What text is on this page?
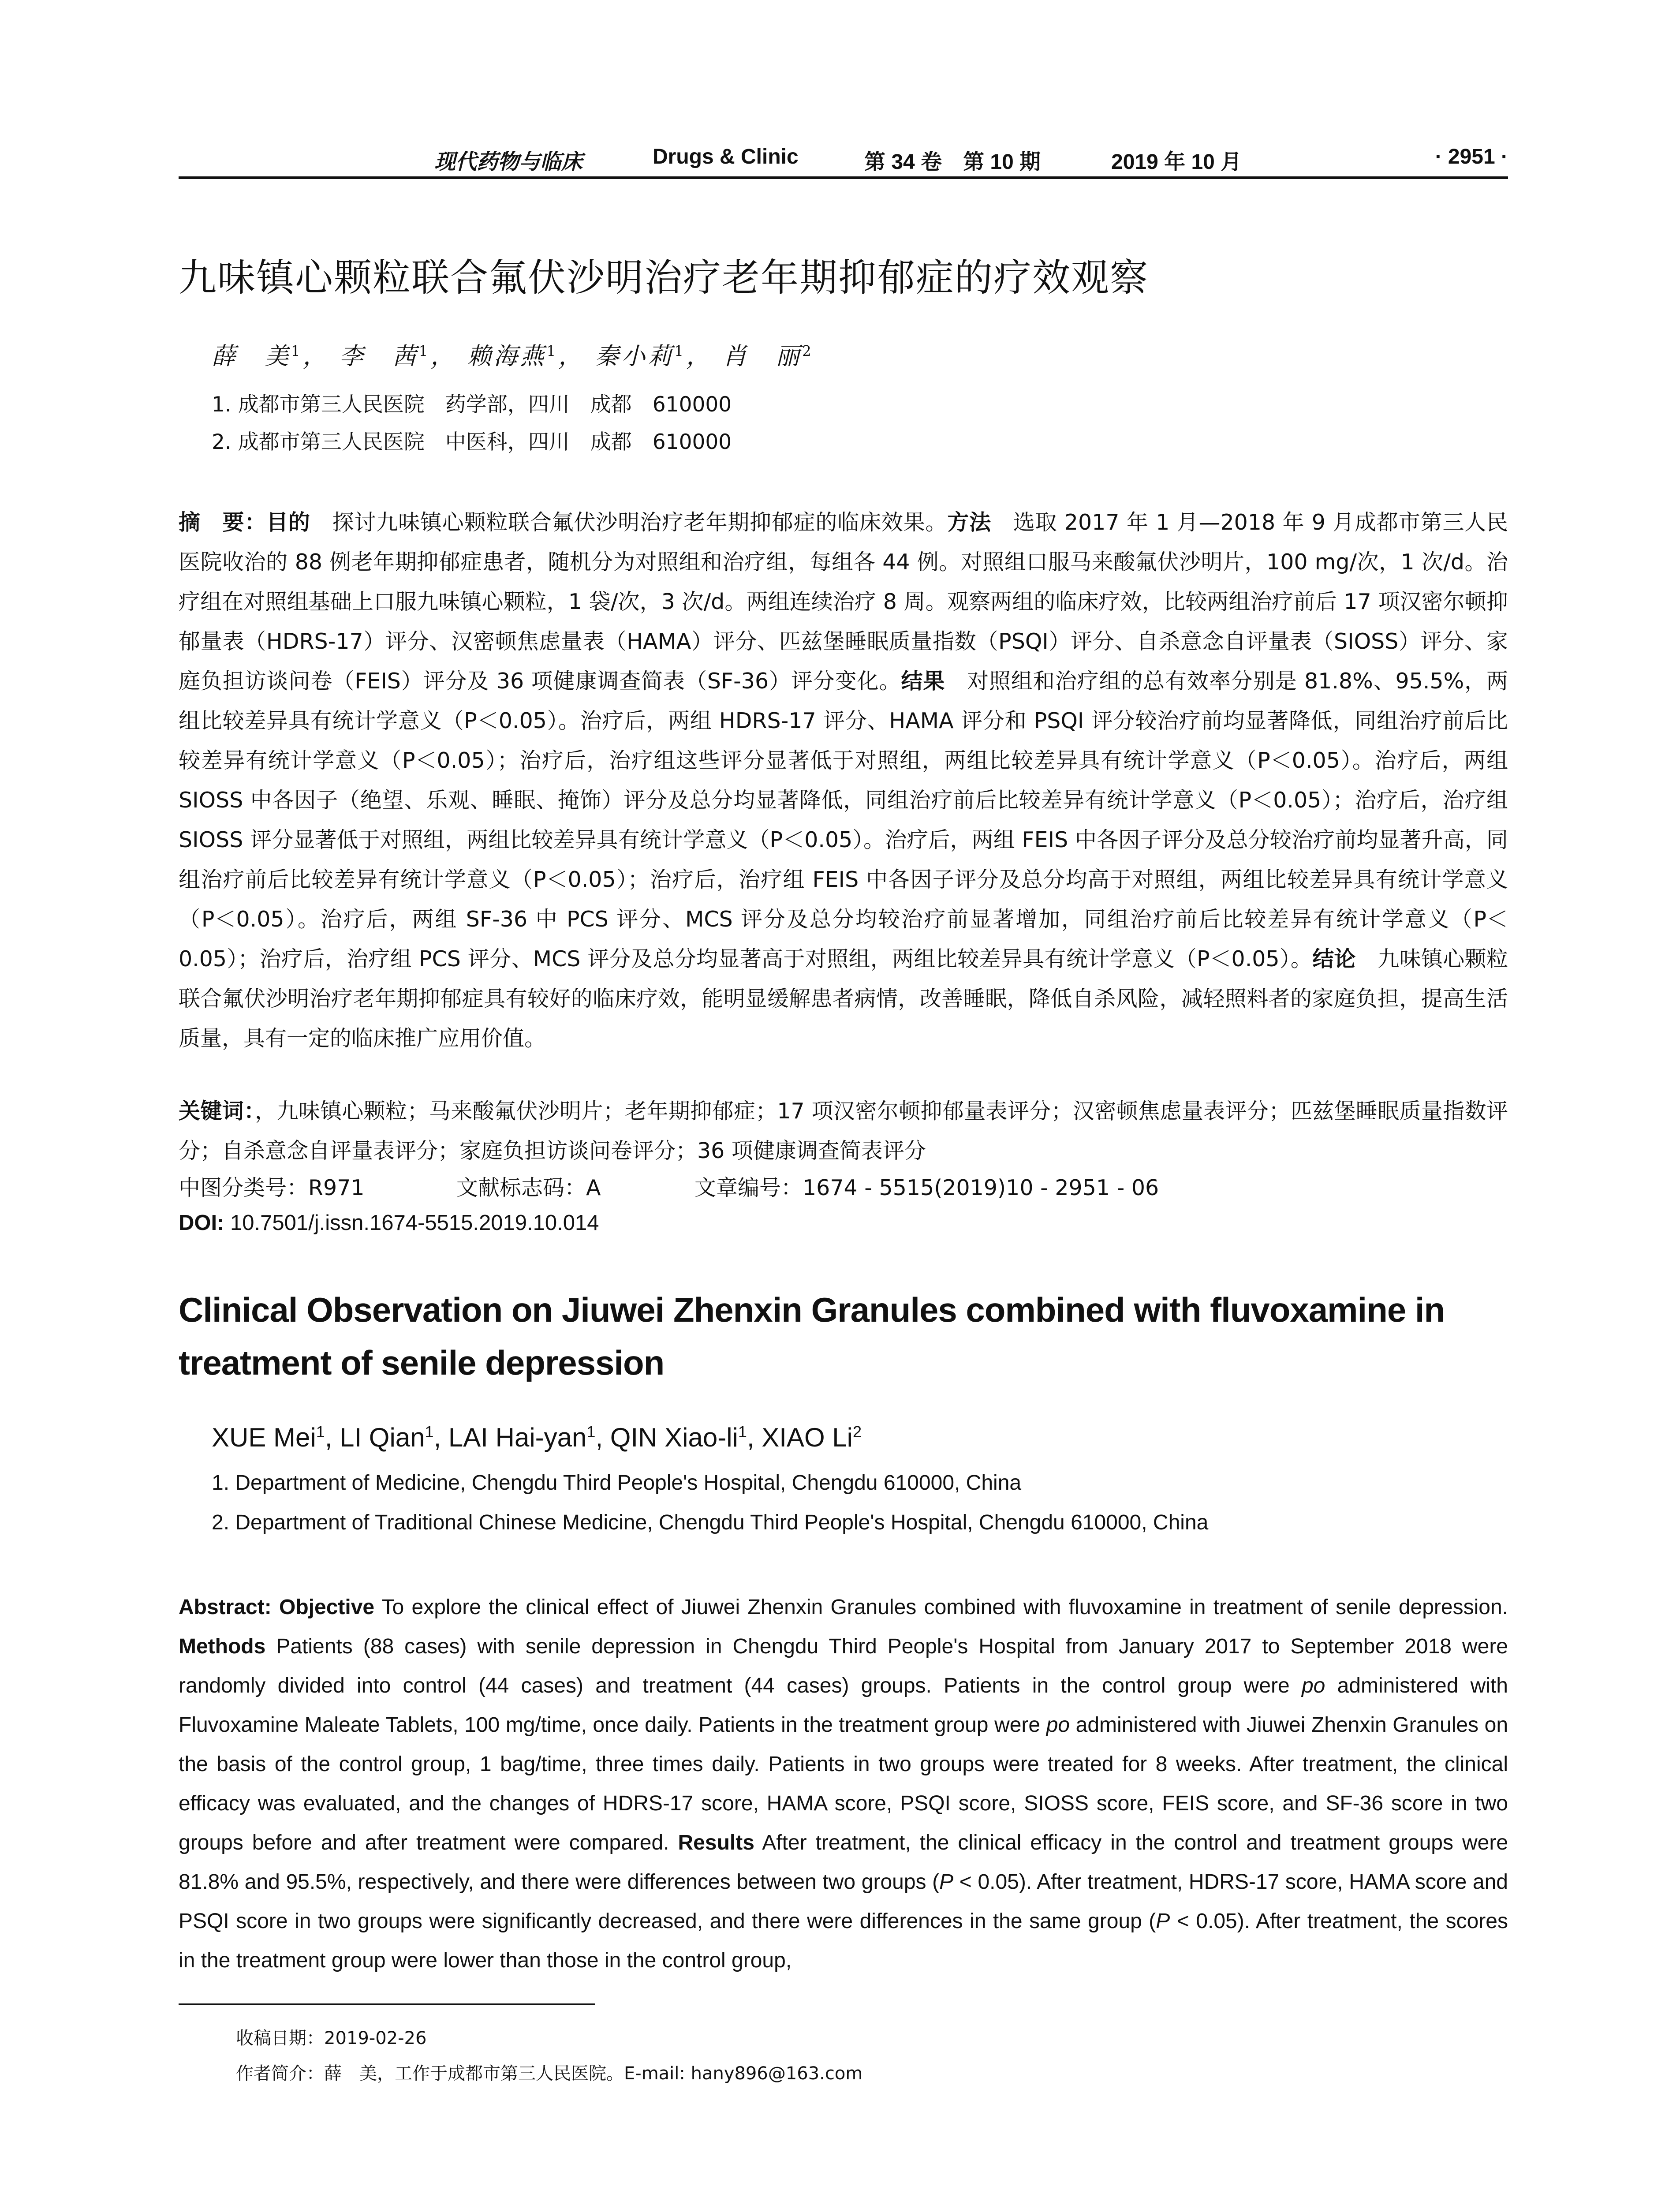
现代药物与临床	Drugs & Clinic	第 34 卷　第 10 期	2019 年 10 月	· 2951 ·
九味镇心颗粒联合氟伏沙明治疗老年期抑郁症的疗效观察
薛　美$^1$， 李　茜$^1$， 赖海燕$^1$， 秦小莉$^1$， 肖　丽$^2$
1. 成都市第三人民医院　药学部，四川　成都　610000
2. 成都市第三人民医院　中医科，四川　成都　610000
摘　要：目的　探讨九味镇心颗粒联合氟伏沙明治疗老年期抑郁症的临床效果。方法　选取 2017 年 1 月—2018 年 9 月成都市第三人民医院收治的 88 例老年期抑郁症患者，随机分为对照组和治疗组，每组各 44 例。对照组口服马来酸氟伏沙明片，100 mg/次，1 次/d。治疗组在对照组基础上口服九味镇心颗粒，1 袋/次，3 次/d。两组连续治疗 8 周。观察两组的临床疗效，比较两组治疗前后 17 项汉密尔顿抑郁量表（HDRS-17）评分、汉密顿焦虑量表（HAMA）评分、匹兹堡睡眠质量指数（PSQI）评分、自杀意念自评量表（SIOSS）评分、家庭负担访谈问卷（FEIS）评分及 36 项健康调查简表（SF-36）评分变化。结果　对照组和治疗组的总有效率分别是 81.8%、95.5%，两组比较差异具有统计学意义（P＜0.05）。治疗后，两组 HDRS-17 评分、HAMA 评分和 PSQI 评分较治疗前均显著降低，同组治疗前后比较差异有统计学意义（P＜0.05）；治疗后，治疗组这些评分显著低于对照组，两组比较差异具有统计学意义（P＜0.05）。治疗后，两组 SIOSS 中各因子（绝望、乐观、睡眠、掩饰）评分及总分均显著降低，同组治疗前后比较差异有统计学意义（P＜0.05）；治疗后，治疗组 SIOSS 评分显著低于对照组，两组比较差异具有统计学意义（P＜0.05）。治疗后，两组 FEIS 中各因子评分及总分较治疗前均显著升高，同组治疗前后比较差异有统计学意义（P＜0.05）；治疗后，治疗组 FEIS 中各因子评分及总分均高于对照组，两组比较差异具有统计学意义（P＜0.05）。治疗后，两组 SF-36 中 PCS 评分、MCS 评分及总分均较治疗前显著增加，同组治疗前后比较差异有统计学意义（P＜0.05）；治疗后，治疗组 PCS 评分、MCS 评分及总分均显著高于对照组，两组比较差异具有统计学意义（P＜0.05）。结论　九味镇心颗粒联合氟伏沙明治疗老年期抑郁症具有较好的临床疗效，能明显缓解患者病情，改善睡眠，降低自杀风险，减轻照料者的家庭负担，提高生活质量，具有一定的临床推广应用价值。
关键词：，九味镇心颗粒；马来酸氟伏沙明片；老年期抑郁症；17 项汉密尔顿抑郁量表评分；汉密顿焦虑量表评分；匹兹堡睡眠质量指数评分；自杀意念自评量表评分；家庭负担访谈问卷评分；36 项健康调查简表评分
中图分类号：R971	文献标志码：A	文章编号：1674 - 5515(2019)10 - 2951 - 06
DOI: 10.7501/j.issn.1674-5515.2019.10.014
Clinical Observation on Jiuwei Zhenxin Granules combined with fluvoxamine in treatment of senile depression
XUE Mei$^1$, LI Qian$^1$, LAI Hai-yan$^1$, QIN Xiao-$li^1$, XIAO Li$^2$
1. Department of Medicine, Chengdu Third People's Hospital, Chengdu 610000, China
2. Department of Traditional Chinese Medicine, Chengdu Third People's Hospital, Chengdu 610000, China
Abstract: Objective To explore the clinical effect of Jiuwei Zhenxin Granules combined with fluvoxamine in treatment of senile depression. Methods Patients (88 cases) with senile depression in Chengdu Third People's Hospital from January 2017 to September 2018 were randomly divided into control (44 cases) and treatment (44 cases) groups. Patients in the control group were po administered with Fluvoxamine Maleate Tablets, 100 mg/time, once daily. Patients in the treatment group were po administered with Jiuwei Zhenxin Granules on the basis of the control group, 1 bag/time, three times daily. Patients in two groups were treated for 8 weeks. After treatment, the clinical efficacy was evaluated, and the changes of HDRS-17 score, HAMA score, PSQI score, SIOSS score, FEIS score, and SF-36 score in two groups before and after treatment were compared. Results After treatment, the clinical efficacy in the control and treatment groups were 81.8% and 95.5%, respectively, and there were differences between two groups (P < 0.05). After treatment, HDRS-17 score, HAMA score and PSQI score in two groups were significantly decreased, and there were differences in the same group (P < 0.05). After treatment, the scores in the treatment group were lower than those in the control group,
收稿日期：2019-02-26
作者简介：薛　美，工作于成都市第三人民医院。E-mail: hany896@163.com
